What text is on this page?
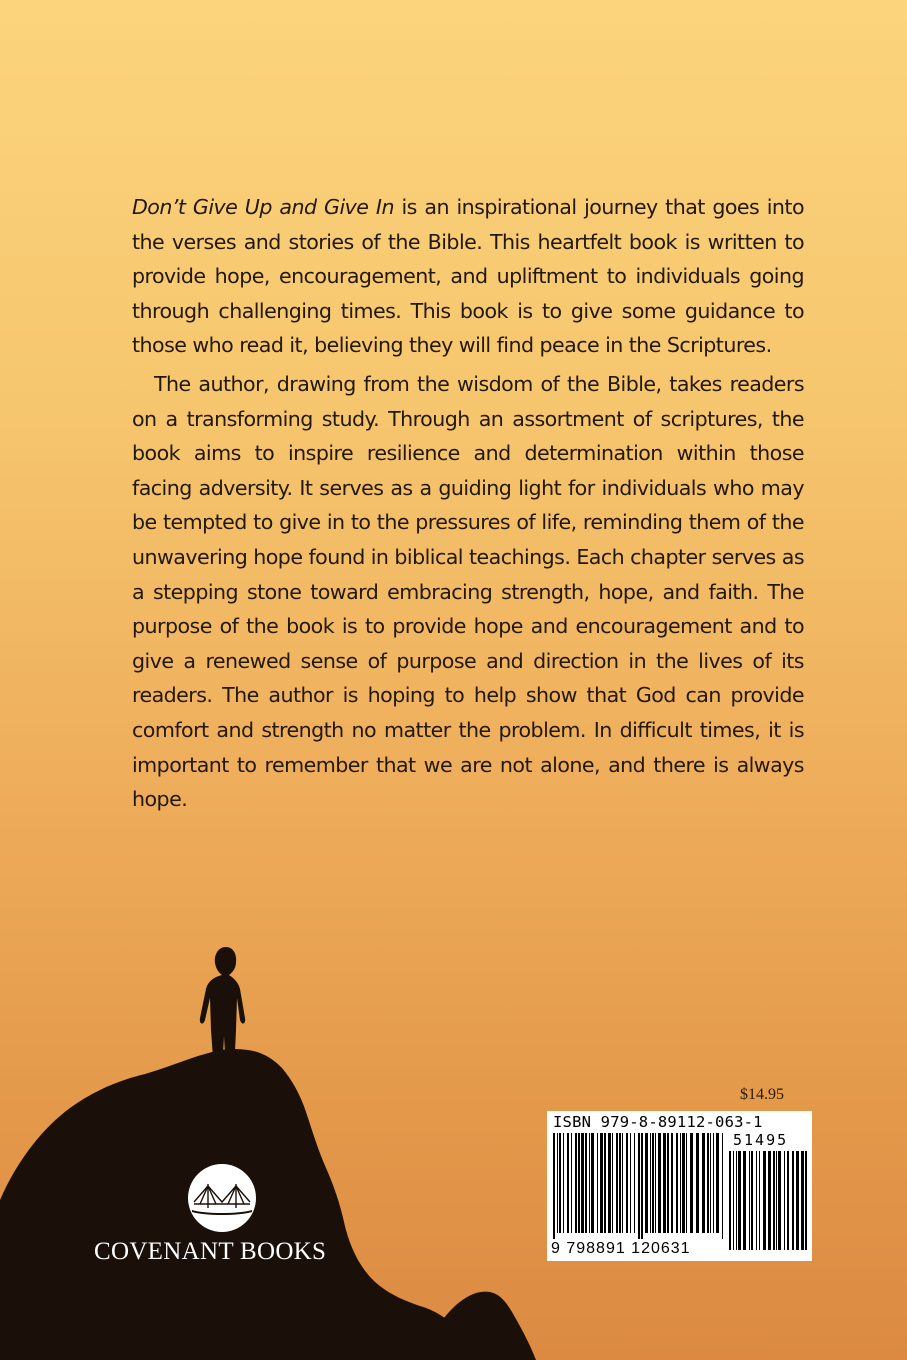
Don’t Give Up and Give In is an inspirational journey that goes into the verses and stories of the Bible. This heartfelt book is written to provide hope, encouragement, and upliftment to individuals going through challenging times. This book is to give some guidance to those who read it, believing they will find peace in the Scriptures.

The author, drawing from the wisdom of the Bible, takes readers on a transforming study. Through an assortment of scriptures, the book aims to inspire resilience and determination within those facing adversity. It serves as a guiding light for individuals who may be tempted to give in to the pressures of life, reminding them of the unwavering hope found in biblical teachings. Each chapter serves as a stepping stone toward embracing strength, hope, and faith. The purpose of the book is to provide hope and encouragement and to give a renewed sense of purpose and direction in the lives of its readers. The author is hoping to help show that God can provide comfort and strength no matter the problem. In difficult times, it is important to remember that we are not alone, and there is always hope.

COVENANT BOOKS
$14.95
ISBN 979-8-89112-063-1
51495
9 798891 120631
